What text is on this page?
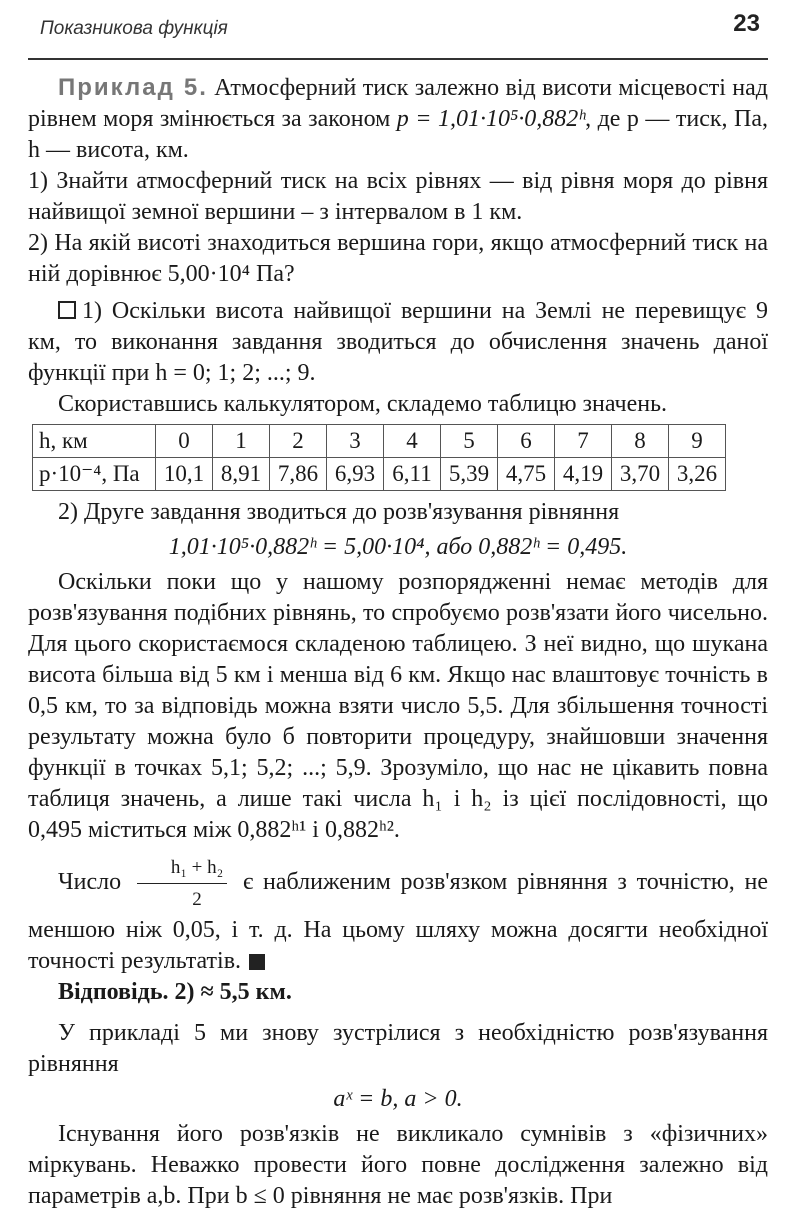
Показникова функція	23

Приклад 5. Атмосферний тиск залежно від висоти місцевості над рівнем моря змінюється за законом p = 1,01·10⁵·0,882ʰ, де p — тиск, Па, h — висота, км.

1) Знайти атмосферний тиск на всіх рівнях — від рівня моря до рівня найвищої земної вершини – з інтервалом в 1 км.

2) На якій висоті знаходиться вершина гори, якщо атмосферний тиск на ній дорівнює 5,00·10⁴ Па?

1) Оскільки висота найвищої вершини на Землі не перевищує 9 км, то виконання завдання зводиться до обчислення значень даної функції при h = 0; 1; 2; ...; 9.

Скориставшись калькулятором, складемо таблицю значень.

h, км	0	1	2	3	4	5	6	7	8	9
p·10⁻⁴, Па	10,1	8,91	7,86	6,93	6,11	5,39	4,75	4,19	3,70	3,26

2) Друге завдання зводиться до розв'язування рівняння

1,01·10⁵·0,882ʰ = 5,00·10⁴, або 0,882ʰ = 0,495.

Оскільки поки що у нашому розпорядженні немає методів для розв'язування подібних рівнянь, то спробуємо розв'язати його чисельно. Для цього скористаємося складеною таблицею. З неї видно, що шукана висота більша від 5 км і менша від 6 км. Якщо нас влаштовує точність в 0,5 км, то за відповідь можна взяти число 5,5. Для збільшення точності результату можна було б повторити процедуру, знайшовши значення функції в точках 5,1; 5,2; ...; 5,9. Зрозуміло, що нас не цікавить повна таблиця значень, а лише такі числа h₁ і h₂ із цієї послідовності, що 0,495 міститься між 0,882ʰ¹ і 0,882ʰ².

Число $\frac{\text{h₁ + h₂}}{2}$ є наближеним розв'язком рівняння з точністю, не меншою ніж 0,05, і т. д. На цьому шляху можна досягти необхідної точності результатів.

Відповідь. 2) ≈ 5,5 км.

У прикладі 5 ми знову зустрілися з необхідністю розв'язування рівняння

aˣ = b, a > 0.

Існування його розв'язків не викликало сумнівів з «фізичних» міркувань. Неважко провести його повне дослідження залежно від параметрів a,b. При b ≤ 0 рівняння не має розв'язків. При
